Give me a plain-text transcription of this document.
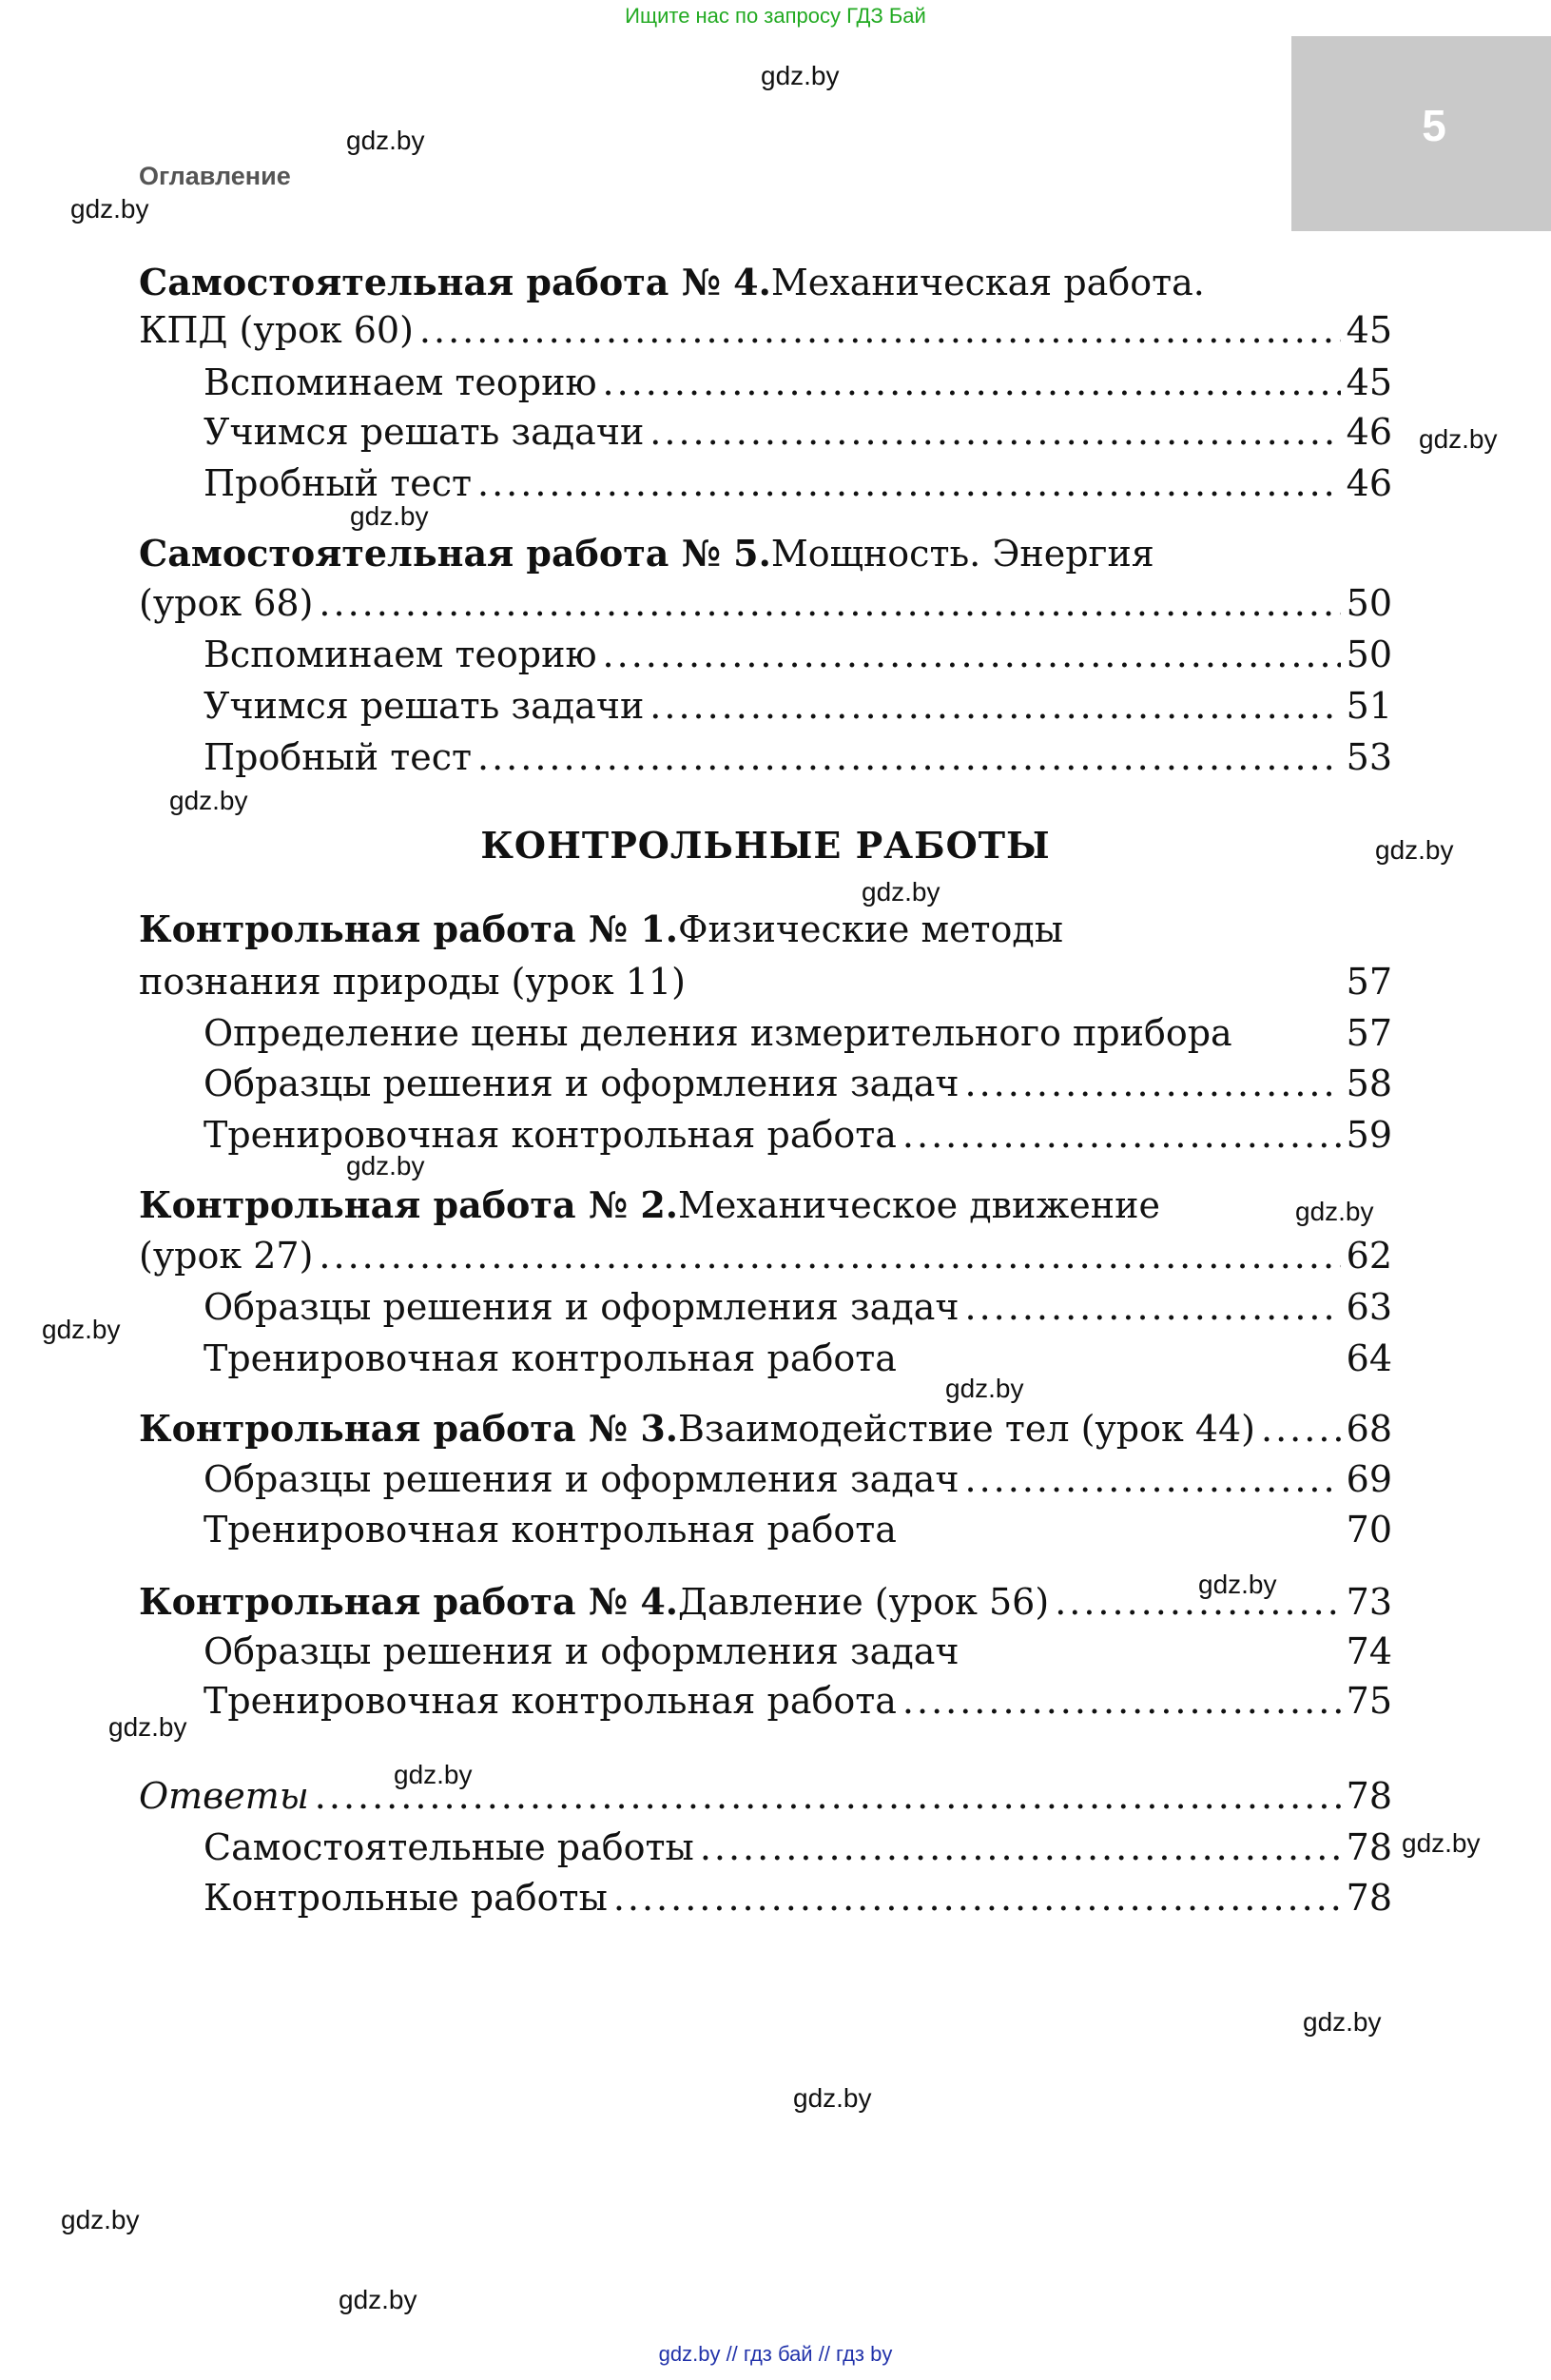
Ищите нас по запросу ГДЗ Бай
5
Оглавление
Самостоятельная работа № 4. Механическая работа.
КПД (урок 60) .....	45
Вспоминаем теорию .....	45
Учимся решать задачи .....	46
Пробный тест .....	46
Самостоятельная работа № 5. Мощность. Энергия
(урок 68) .....	50
Вспоминаем теорию .....	50
Учимся решать задачи .....	51
Пробный тест .....	53
КОНТРОЛЬНЫЕ РАБОТЫ
Контрольная работа № 1. Физические методы
познания природы (урок 11)	57
Определение цены деления измерительного прибора	57
Образцы решения и оформления задач .....	58
Тренировочная контрольная работа .....	59
Контрольная работа № 2. Механическое движение
(урок 27) .....	62
Образцы решения и оформления задач .....	63
Тренировочная контрольная работа	64
Контрольная работа № 3. Взаимодействие тел (урок 44) .....	68
Образцы решения и оформления задач .....	69
Тренировочная контрольная работа	70
Контрольная работа № 4. Давление (урок 56) .....	73
Образцы решения и оформления задач	74
Тренировочная контрольная работа .....	75
Ответы .....	78
Самостоятельные работы .....	78
Контрольные работы .....	78
gdz.by
gdz.by
gdz.by
gdz.by
gdz.by
gdz.by
gdz.by
gdz.by
gdz.by
gdz.by
gdz.by
gdz.by
gdz.by
gdz.by
gdz.by
gdz.by
gdz.by
gdz.by
gdz.by
gdz.by
gdz.by // гдз бай // гдз by
